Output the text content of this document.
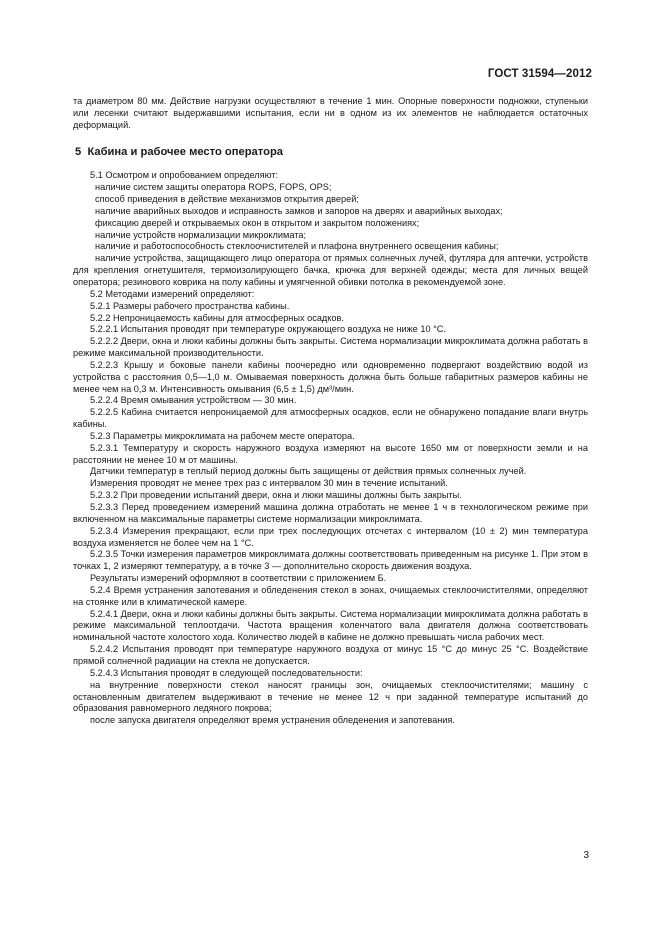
ГОСТ 31594—2012

та диаметром 80 мм. Действие нагрузки осуществляют в течение 1 мин. Опорные поверхности подножки, ступеньки или лесенки считают выдержавшими испытания, если ни в одном из их элементов не наблюдается остаточных деформаций.

5 Кабина и рабочее место оператора

5.1 Осмотром и опробованием определяют:

наличие систем защиты оператора ROPS, FOPS, OPS;

способ приведения в действие механизмов открытия дверей;

наличие аварийных выходов и исправность замков и запоров на дверях и аварийных выходах;

фиксацию дверей и открываемых окон в открытом и закрытом положениях;

наличие устройств нормализации микроклимата;

наличие и работоспособность стеклоочистителей и плафона внутреннего освещения кабины;

наличие устройства, защищающего лицо оператора от прямых солнечных лучей, футляра для аптечки, устройств для крепления огнетушителя, термоизолирующего бачка, крючка для верхней одежды; места для личных вещей оператора; резинового коврика на полу кабины и умягченной обивки потолка в рекомендуемой зоне.

5.2 Методами измерений определяют:

5.2.1 Размеры рабочего пространства кабины.

5.2.2 Непроницаемость кабины для атмосферных осадков.

5.2.2.1 Испытания проводят при температуре окружающего воздуха не ниже 10 °С.

5.2.2.2 Двери, окна и люки кабины должны быть закрыты. Система нормализации микроклимата должна работать в режиме максимальной производительности.

5.2.2.3 Крышу и боковые панели кабины поочередно или одновременно подвергают воздействию водой из устройства с расстояния 0,5—1,0 м. Омываемая поверхность должна быть больше габаритных размеров кабины не менее чем на 0,3 м. Интенсивность омывания (6,5 ± 1,5) дм³/мин.

5.2.2.4 Время омывания устройством — 30 мин.

5.2.2.5 Кабина считается непроницаемой для атмосферных осадков, если не обнаружено попадание влаги внутрь кабины.

5.2.3 Параметры микроклимата на рабочем месте оператора.

5.2.3.1 Температуру и скорость наружного воздуха измеряют на высоте 1650 мм от поверхности земли и на расстоянии не менее 10 м от машины.

Датчики температур в теплый период должны быть защищены от действия прямых солнечных лучей.

Измерения проводят не менее трех раз с интервалом 30 мин в течение испытаний.

5.2.3.2 При проведении испытаний двери, окна и люки машины должны быть закрыты.

5.2.3.3 Перед проведением измерений машина должна отработать не менее 1 ч в технологическом режиме при включенном на максимальные параметры системе нормализации микроклимата.

5.2.3.4 Измерения прекращают, если при трех последующих отсчетах с интервалом (10 ± 2) мин температура воздуха изменяется не более чем на 1 °С.

5.2.3.5 Точки измерения параметров микроклимата должны соответствовать приведенным на рисунке 1. При этом в точках 1, 2 измеряют температуру, а в точке 3 — дополнительно скорость движения воздуха.

Результаты измерений оформляют в соответствии с приложением Б.

5.2.4 Время устранения запотевания и обледенения стекол в зонах, очищаемых стеклоочистителями, определяют на стоянке или в климатической камере.

5.2.4.1 Двери, окна и люки кабины должны быть закрыты. Система нормализации микроклимата должна работать в режиме максимальной теплоотдачи. Частота вращения коленчатого вала двигателя должна соответствовать номинальной частоте холостого хода. Количество людей в кабине не должно превышать числа рабочих мест.

5.2.4.2 Испытания проводят при температуре наружного воздуха от минус 15 °С до минус 25 °С. Воздействие прямой солнечной радиации на стекла не допускается.

5.2.4.3 Испытания проводят в следующей последовательности:

на внутренние поверхности стекол наносят границы зон, очищаемых стеклоочистителями; машину с остановленным двигателем выдерживают в течение не менее 12 ч при заданной температуре испытаний до образования равномерного ледяного покрова;

после запуска двигателя определяют время устранения обледенения и запотевания.

3
